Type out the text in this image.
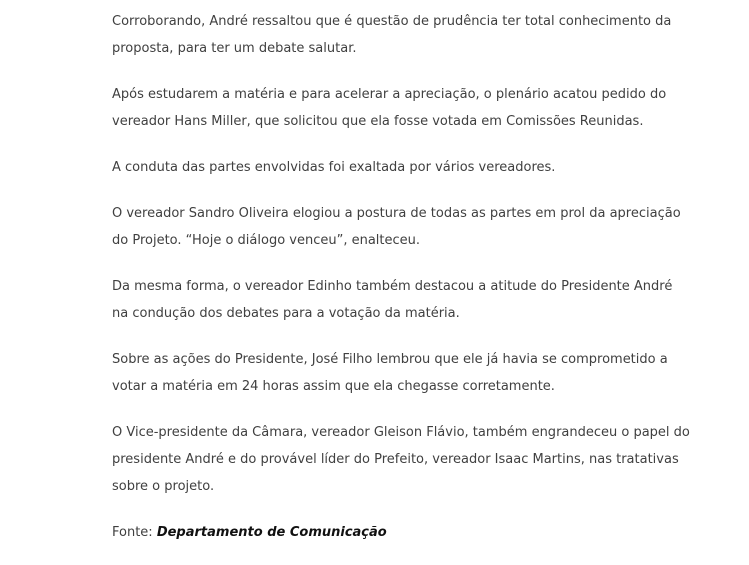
Corroborando, André ressaltou que é questão de prudência ter total conhecimento da proposta, para ter um debate salutar.

Após estudarem a matéria e para acelerar a apreciação, o plenário acatou pedido do vereador Hans Miller, que solicitou que ela fosse votada em Comissões Reunidas.

A conduta das partes envolvidas foi exaltada por vários vereadores.

O vereador Sandro Oliveira elogiou a postura de todas as partes em prol da apreciação do Projeto. “Hoje o diálogo venceu”, enalteceu.

Da mesma forma, o vereador Edinho também destacou a atitude do Presidente André na condução dos debates para a votação da matéria.

Sobre as ações do Presidente, José Filho lembrou que ele já havia se comprometido a votar a matéria em 24 horas assim que ela chegasse corretamente.

O Vice-presidente da Câmara, vereador Gleison Flávio, também engrandeceu o papel do presidente André e do provável líder do Prefeito, vereador Isaac Martins, nas tratativas sobre o projeto.

Fonte: Departamento de Comunicação
